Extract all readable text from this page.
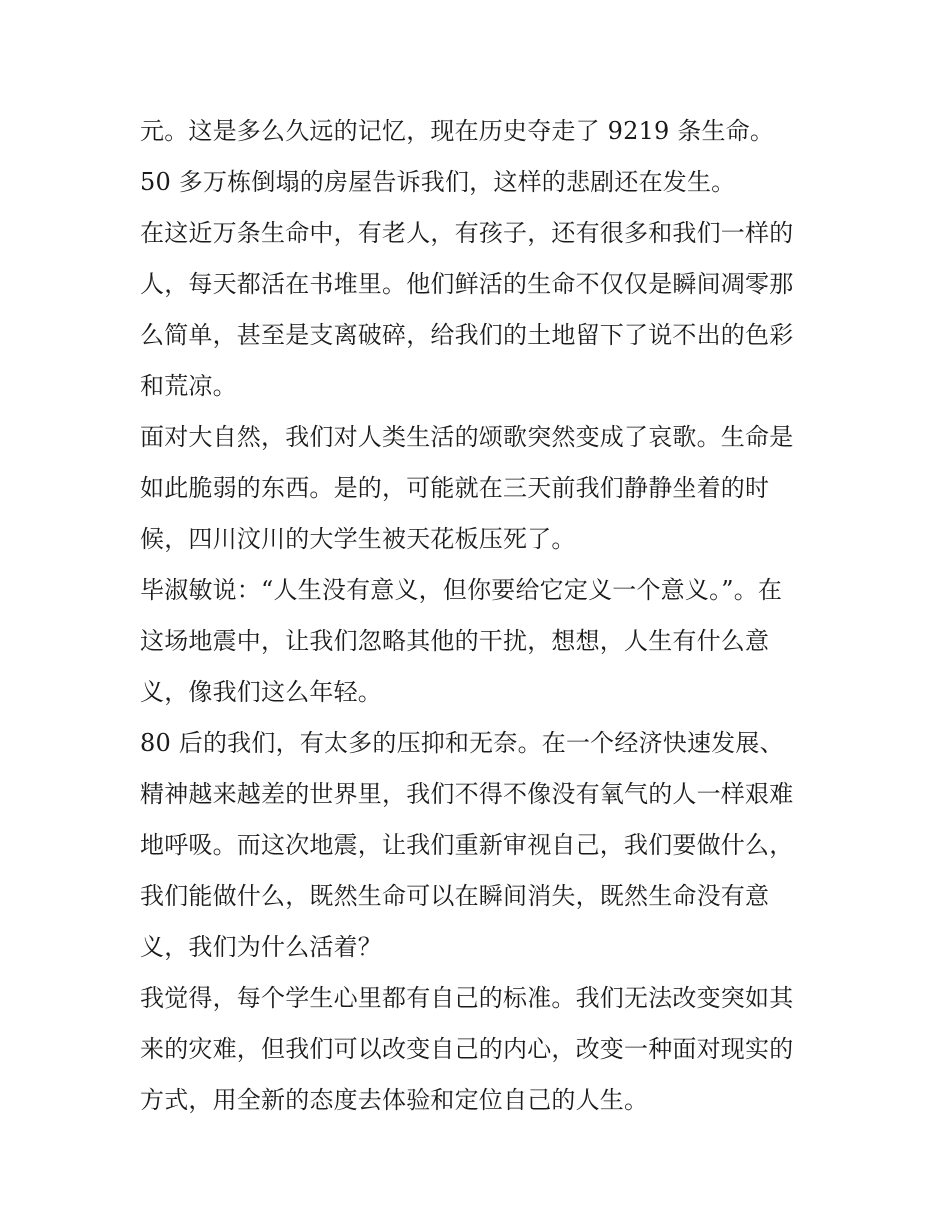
元。这是多么久远的记忆，现在历史夺走了 9219 条生命。
50 多万栋倒塌的房屋告诉我们，这样的悲剧还在发生。
在这近万条生命中，有老人，有孩子，还有很多和我们一样的
人，每天都活在书堆里。他们鲜活的生命不仅仅是瞬间凋零那
么简单，甚至是支离破碎，给我们的土地留下了说不出的色彩
和荒凉。
面对大自然，我们对人类生活的颂歌突然变成了哀歌。生命是
如此脆弱的东西。是的，可能就在三天前我们静静坐着的时
候，四川汶川的大学生被天花板压死了。
毕淑敏说：“人生没有意义，但你要给它定义一个意义。”。在
这场地震中，让我们忽略其他的干扰，想想，人生有什么意
义，像我们这么年轻。
80 后的我们，有太多的压抑和无奈。在一个经济快速发展、
精神越来越差的世界里，我们不得不像没有氧气的人一样艰难
地呼吸。而这次地震，让我们重新审视自己，我们要做什么，
我们能做什么，既然生命可以在瞬间消失，既然生命没有意
义，我们为什么活着？
我觉得，每个学生心里都有自己的标准。我们无法改变突如其
来的灾难，但我们可以改变自己的内心，改变一种面对现实的
方式，用全新的态度去体验和定位自己的人生。
